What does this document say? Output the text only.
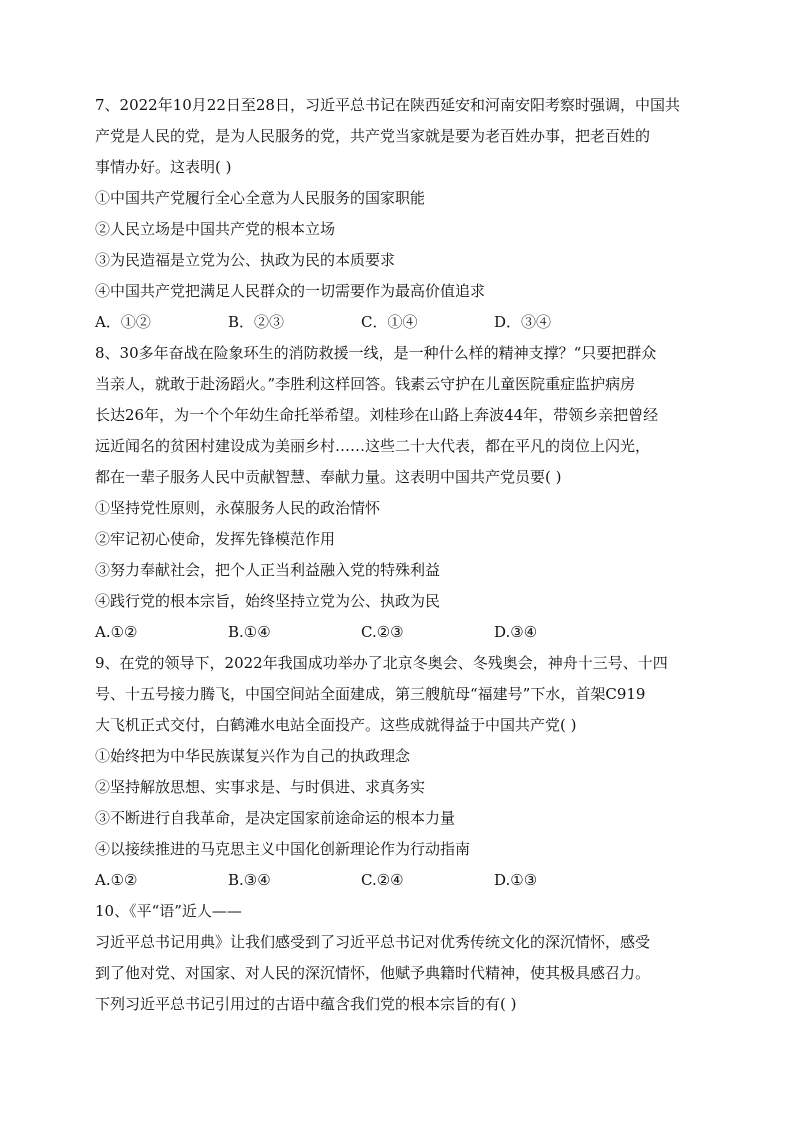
7、2022年10月22日至28日，习近平总书记在陕西延安和河南安阳考察时强调，中国共
产党是人民的党，是为人民服务的党，共产党当家就是要为老百姓办事，把老百姓的
事情办好。这表明( )
①中国共产党履行全心全意为人民服务的国家职能
②人民立场是中国共产党的根本立场
③为民造福是立党为公、执政为民的本质要求
④中国共产党把满足人民群众的一切需要作为最高价值追求
A．①②	B．②③	C．①④	D．③④
8、30多年奋战在险象环生的消防救援一线，是一种什么样的精神支撑？“只要把群众
当亲人，就敢于赴汤蹈火。”李胜利这样回答。钱素云守护在儿童医院重症监护病房
长达26年，为一个个年幼生命托举希望。刘桂珍在山路上奔波44年，带领乡亲把曾经
远近闻名的贫困村建设成为美丽乡村……这些二十大代表，都在平凡的岗位上闪光，
都在一辈子服务人民中贡献智慧、奉献力量。这表明中国共产党员要( )
①坚持党性原则，永葆服务人民的政治情怀
②牢记初心使命，发挥先锋模范作用
③努力奉献社会，把个人正当利益融入党的特殊利益
④践行党的根本宗旨，始终坚持立党为公、执政为民
A.①②	B.①④	C.②③	D.③④
9、在党的领导下，2022年我国成功举办了北京冬奥会、冬残奥会，神舟十三号、十四
号、十五号接力腾飞，中国空间站全面建成，第三艘航母“福建号”下水，首架C919
大飞机正式交付，白鹤滩水电站全面投产。这些成就得益于中国共产党( )
①始终把为中华民族谋复兴作为自己的执政理念
②坚持解放思想、实事求是、与时俱进、求真务实
③不断进行自我革命，是决定国家前途命运的根本力量
④以接续推进的马克思主义中国化创新理论作为行动指南
A.①②	B.③④	C.②④	D.①③
10、《平“语”近人——
习近平总书记用典》让我们感受到了习近平总书记对优秀传统文化的深沉情怀，感受
到了他对党、对国家、对人民的深沉情怀，他赋予典籍时代精神，使其极具感召力。
下列习近平总书记引用过的古语中蕴含我们党的根本宗旨的有( )
